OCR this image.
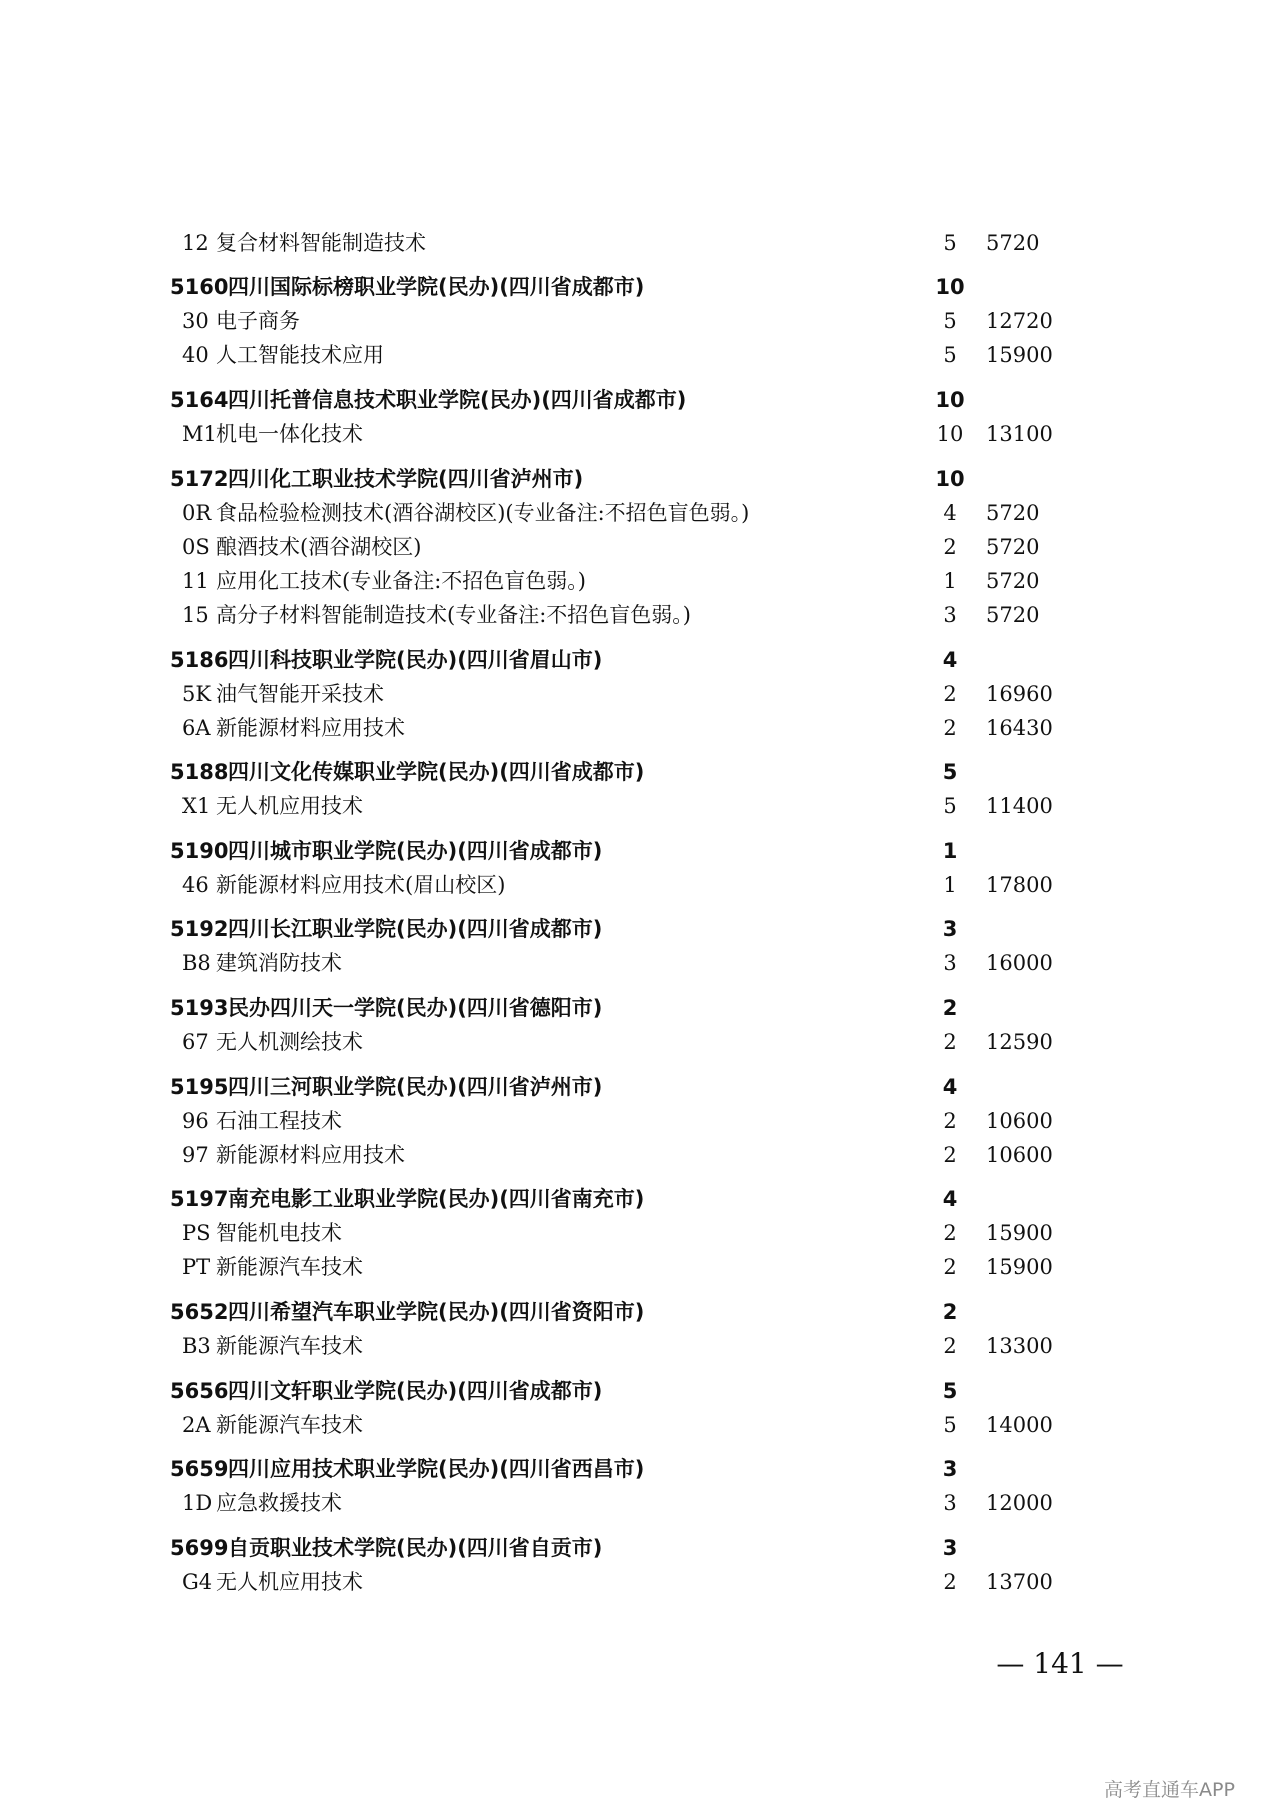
12 复合材料智能制造技术	5	5720
5160 四川国际标榜职业学院(民办)(四川省成都市)	10
30 电子商务	5	12720
40 人工智能技术应用	5	15900
5164 四川托普信息技术职业学院(民办)(四川省成都市)	10
M1 机电一体化技术	10	13100
5172 四川化工职业技术学院(四川省泸州市)	10
0R 食品检验检测技术(酒谷湖校区)(专业备注:不招色盲色弱。)	4	5720
0S 酿酒技术(酒谷湖校区)	2	5720
11 应用化工技术(专业备注:不招色盲色弱。)	1	5720
15 高分子材料智能制造技术(专业备注:不招色盲色弱。)	3	5720
5186 四川科技职业学院(民办)(四川省眉山市)	4
5K 油气智能开采技术	2	16960
6A 新能源材料应用技术	2	16430
5188 四川文化传媒职业学院(民办)(四川省成都市)	5
X1 无人机应用技术	5	11400
5190 四川城市职业学院(民办)(四川省成都市)	1
46 新能源材料应用技术(眉山校区)	1	17800
5192 四川长江职业学院(民办)(四川省成都市)	3
B8 建筑消防技术	3	16000
5193 民办四川天一学院(民办)(四川省德阳市)	2
67 无人机测绘技术	2	12590
5195 四川三河职业学院(民办)(四川省泸州市)	4
96 石油工程技术	2	10600
97 新能源材料应用技术	2	10600
5197 南充电影工业职业学院(民办)(四川省南充市)	4
PS 智能机电技术	2	15900
PT 新能源汽车技术	2	15900
5652 四川希望汽车职业学院(民办)(四川省资阳市)	2
B3 新能源汽车技术	2	13300
5656 四川文轩职业学院(民办)(四川省成都市)	5
2A 新能源汽车技术	5	14000
5659 四川应用技术职业学院(民办)(四川省西昌市)	3
1D 应急救援技术	3	12000
5699 自贡职业技术学院(民办)(四川省自贡市)	3
G4 无人机应用技术	2	13700
— 141 —
高考直通车APP
